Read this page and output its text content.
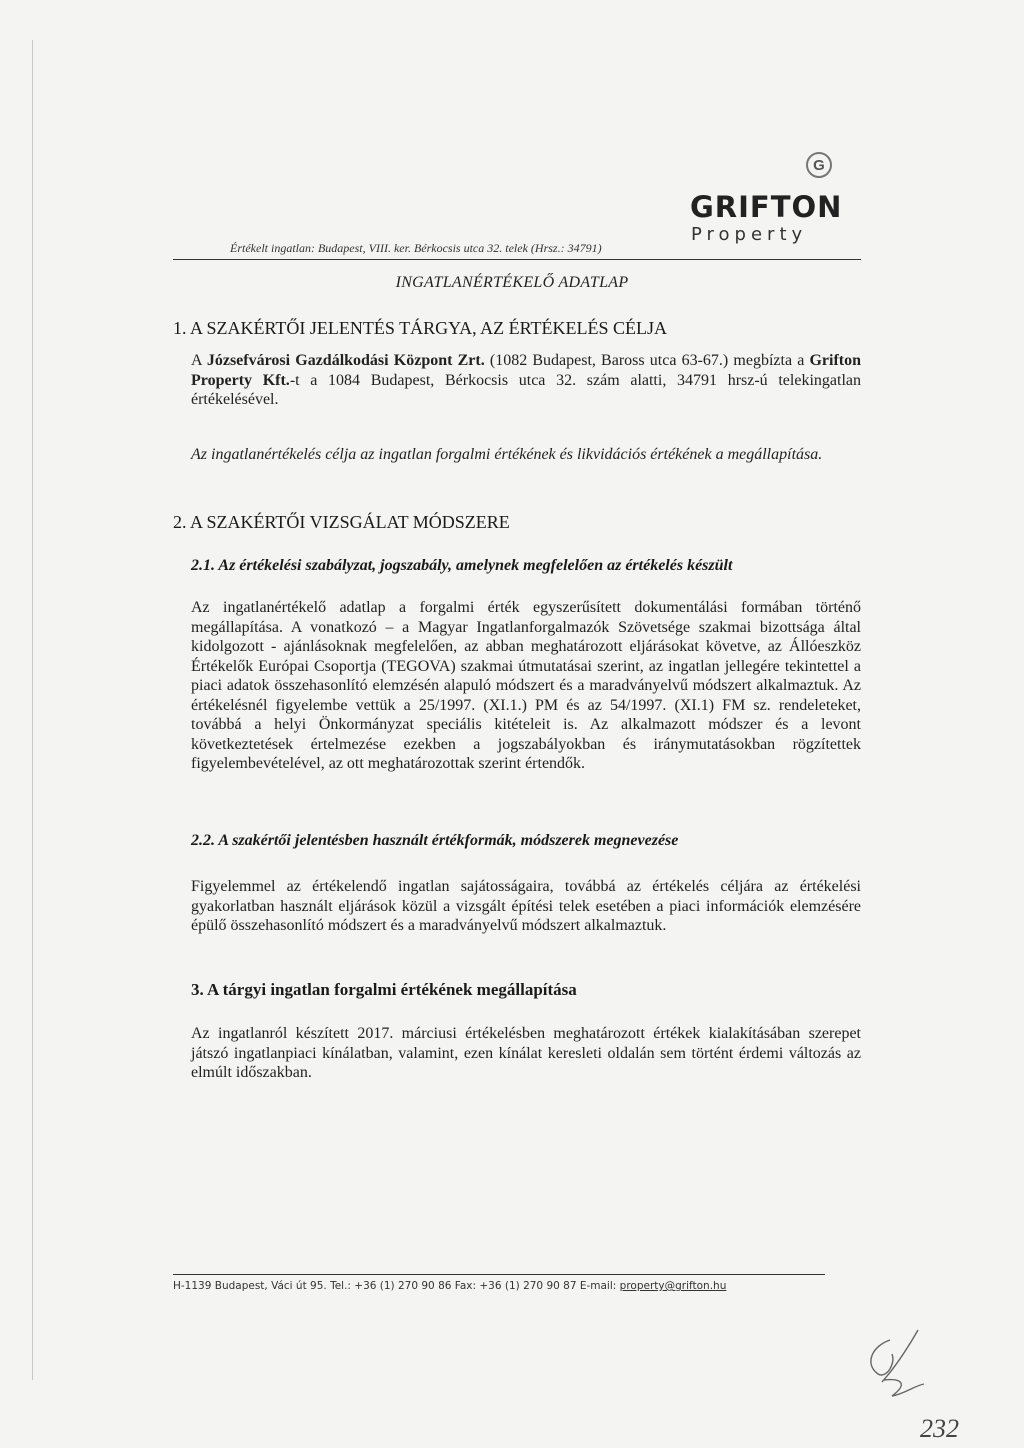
G
GRIFTON
Property
Értékelt ingatlan: Budapest, VIII. ker. Bérkocsis utca 32. telek (Hrsz.: 34791)
INGATLANÉRTÉKELŐ ADATLAP
1. A SZAKÉRTŐI JELENTÉS TÁRGYA, AZ ÉRTÉKELÉS CÉLJA

A Józsefvárosi Gazdálkodási Központ Zrt. (1082 Budapest, Baross utca 63-67.) megbízta a Grifton Property Kft.-t a 1084 Budapest, Bérkocsis utca 32. szám alatti, 34791 hrsz-ú telekingatlan értékelésével.

Az ingatlanértékelés célja az ingatlan forgalmi értékének és likvidációs értékének a megállapítása.

2. A SZAKÉRTŐI VIZSGÁLAT MÓDSZERE
2.1. Az értékelési szabályzat, jogszabály, amelynek megfelelően az értékelés készült

Az ingatlanértékelő adatlap a forgalmi érték egyszerűsített dokumentálási formában történő megállapítása. A vonatkozó – a Magyar Ingatlanforgalmazók Szövetsége szakmai bizottsága által kidolgozott - ajánlásoknak megfelelően, az abban meghatározott eljárásokat követve, az Állóeszköz Értékelők Európai Csoportja (TEGOVA) szakmai útmutatásai szerint, az ingatlan jellegére tekintettel a piaci adatok összehasonlító elemzésén alapuló módszert és a maradványelvű módszert alkalmaztuk. Az értékelésnél figyelembe vettük a 25/1997. (XI.1.) PM és az 54/1997. (XI.1) FM sz. rendeleteket, továbbá a helyi Önkormányzat speciális kitételeit is. Az alkalmazott módszer és a levont következtetések értelmezése ezekben a jogszabályokban és iránymutatásokban rögzítettek figyelembevételével, az ott meghatározottak szerint értendők.

2.2. A szakértői jelentésben használt értékformák, módszerek megnevezése

Figyelemmel az értékelendő ingatlan sajátosságaira, továbbá az értékelés céljára az értékelési gyakorlatban használt eljárások közül a vizsgált építési telek esetében a piaci információk elemzésére épülő összehasonlító módszert és a maradványelvű módszert alkalmaztuk.

3. A tárgyi ingatlan forgalmi értékének megállapítása

Az ingatlanról készített 2017. márciusi értékelésben meghatározott értékek kialakításában szerepet játszó ingatlanpiaci kínálatban, valamint, ezen kínálat keresleti oldalán sem történt érdemi változás az elmúlt időszakban.

H-1139 Budapest, Váci út 95. Tel.: +36 (1) 270 90 86 Fax: +36 (1) 270 90 87 E-mail: property@grifton.hu
232
